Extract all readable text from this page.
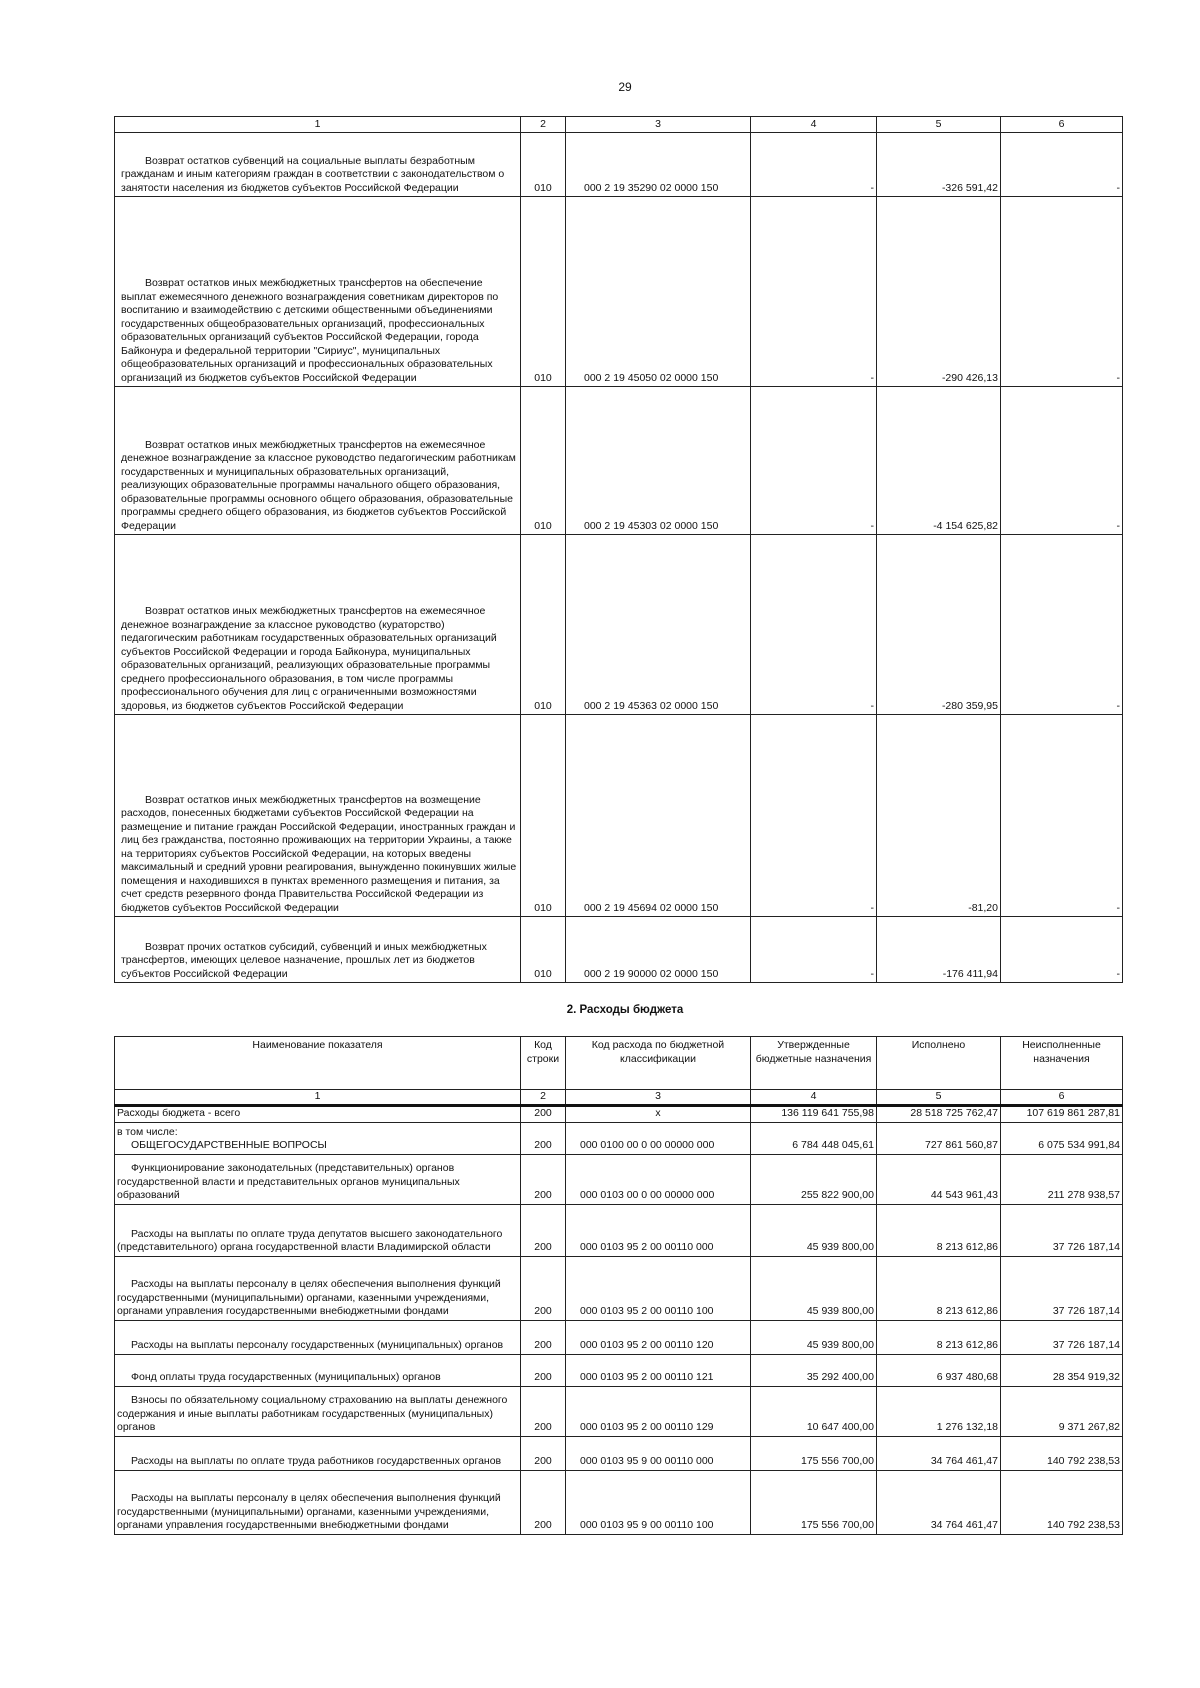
29
1	2	3	4	5	6

Возврат остатков субвенций на социальные выплаты безработным гражданам и иным категориям граждан в соответствии с законодательством о занятости населения из бюджетов субъектов Российской Федерации	010	000 2 19 35290 02 0000 150	-	-326 591,42	-

Возврат остатков иных межбюджетных трансфертов на обеспечение выплат ежемесячного денежного вознаграждения советникам директоров по воспитанию и взаимодействию с детскими общественными объединениями государственных общеобразовательных организаций, профессиональных образовательных организаций субъектов Российской Федерации, города Байконура и федеральной территории "Сириус", муниципальных общеобразовательных организаций и профессиональных образовательных организаций из бюджетов субъектов Российской Федерации	010	000 2 19 45050 02 0000 150	-	-290 426,13	-

Возврат остатков иных межбюджетных трансфертов на ежемесячное денежное вознаграждение за классное руководство педагогическим работникам государственных и муниципальных образовательных организаций, реализующих образовательные программы начального общего образования, образовательные программы основного общего образования, образовательные программы среднего общего образования, из бюджетов субъектов Российской Федерации	010	000 2 19 45303 02 0000 150	-	-4 154 625,82	-

Возврат остатков иных межбюджетных трансфертов на ежемесячное денежное вознаграждение за классное руководство (кураторство) педагогическим работникам государственных образовательных организаций субъектов Российской Федерации и города Байконура, муниципальных образовательных организаций, реализующих образовательные программы среднего профессионального образования, в том числе программы профессионального обучения для лиц с ограниченными возможностями здоровья, из бюджетов субъектов Российской Федерации	010	000 2 19 45363 02 0000 150	-	-280 359,95	-

Возврат остатков иных межбюджетных трансфертов на возмещение расходов, понесенных бюджетами субъектов Российской Федерации на размещение и питание граждан Российской Федерации, иностранных граждан и лиц без гражданства, постоянно проживающих на территории Украины, а также на территориях субъектов Российской Федерации, на которых введены максимальный и средний уровни реагирования, вынужденно покинувших жилые помещения и находившихся в пунктах временного размещения и питания, за счет средств резервного фонда Правительства Российской Федерации из бюджетов субъектов Российской Федерации	010	000 2 19 45694 02 0000 150	-	-81,20	-

Возврат прочих остатков субсидий, субвенций и иных межбюджетных трансфертов, имеющих целевое назначение, прошлых лет из бюджетов субъектов Российской Федерации	010	000 2 19 90000 02 0000 150	-	-176 411,94	-
2. Расходы бюджета
Наименование показателя	Код строки	Код расхода по бюджетной классификации	Утвержденные бюджетные назначения	Исполнено	Неисполненные назначения
1	2	3	4	5	6
Расходы бюджета - всего	200	x	136 119 641 755,98	28 518 725 762,47	107 619 861 287,81

в том числе:
ОБЩЕГОСУДАРСТВЕННЫЕ ВОПРОСЫ	200	000 0100 00 0 00 00000 000	6 784 448 045,61	727 861 560,87	6 075 534 991,84

Функционирование законодательных (представительных) органов государственной власти и представительных органов муниципальных образований	200	000 0103 00 0 00 00000 000	255 822 900,00	44 543 961,43	211 278 938,57

Расходы на выплаты по оплате труда депутатов высшего законодательного (представительного) органа государственной власти Владимирской области	200	000 0103 95 2 00 00110 000	45 939 800,00	8 213 612,86	37 726 187,14

Расходы на выплаты персоналу в целях обеспечения выполнения функций государственными (муниципальными) органами, казенными учреждениями, органами управления государственными внебюджетными фондами	200	000 0103 95 2 00 00110 100	45 939 800,00	8 213 612,86	37 726 187,14

Расходы на выплаты персоналу государственных (муниципальных) органов	200	000 0103 95 2 00 00110 120	45 939 800,00	8 213 612,86	37 726 187,14

Фонд оплаты труда государственных (муниципальных) органов	200	000 0103 95 2 00 00110 121	35 292 400,00	6 937 480,68	28 354 919,32

Взносы по обязательному социальному страхованию на выплаты денежного содержания и иные выплаты работникам государственных (муниципальных) органов	200	000 0103 95 2 00 00110 129	10 647 400,00	1 276 132,18	9 371 267,82

Расходы на выплаты по оплате труда работников государственных органов	200	000 0103 95 9 00 00110 000	175 556 700,00	34 764 461,47	140 792 238,53

Расходы на выплаты персоналу в целях обеспечения выполнения функций государственными (муниципальными) органами, казенными учреждениями, органами управления государственными внебюджетными фондами	200	000 0103 95 9 00 00110 100	175 556 700,00	34 764 461,47	140 792 238,53
